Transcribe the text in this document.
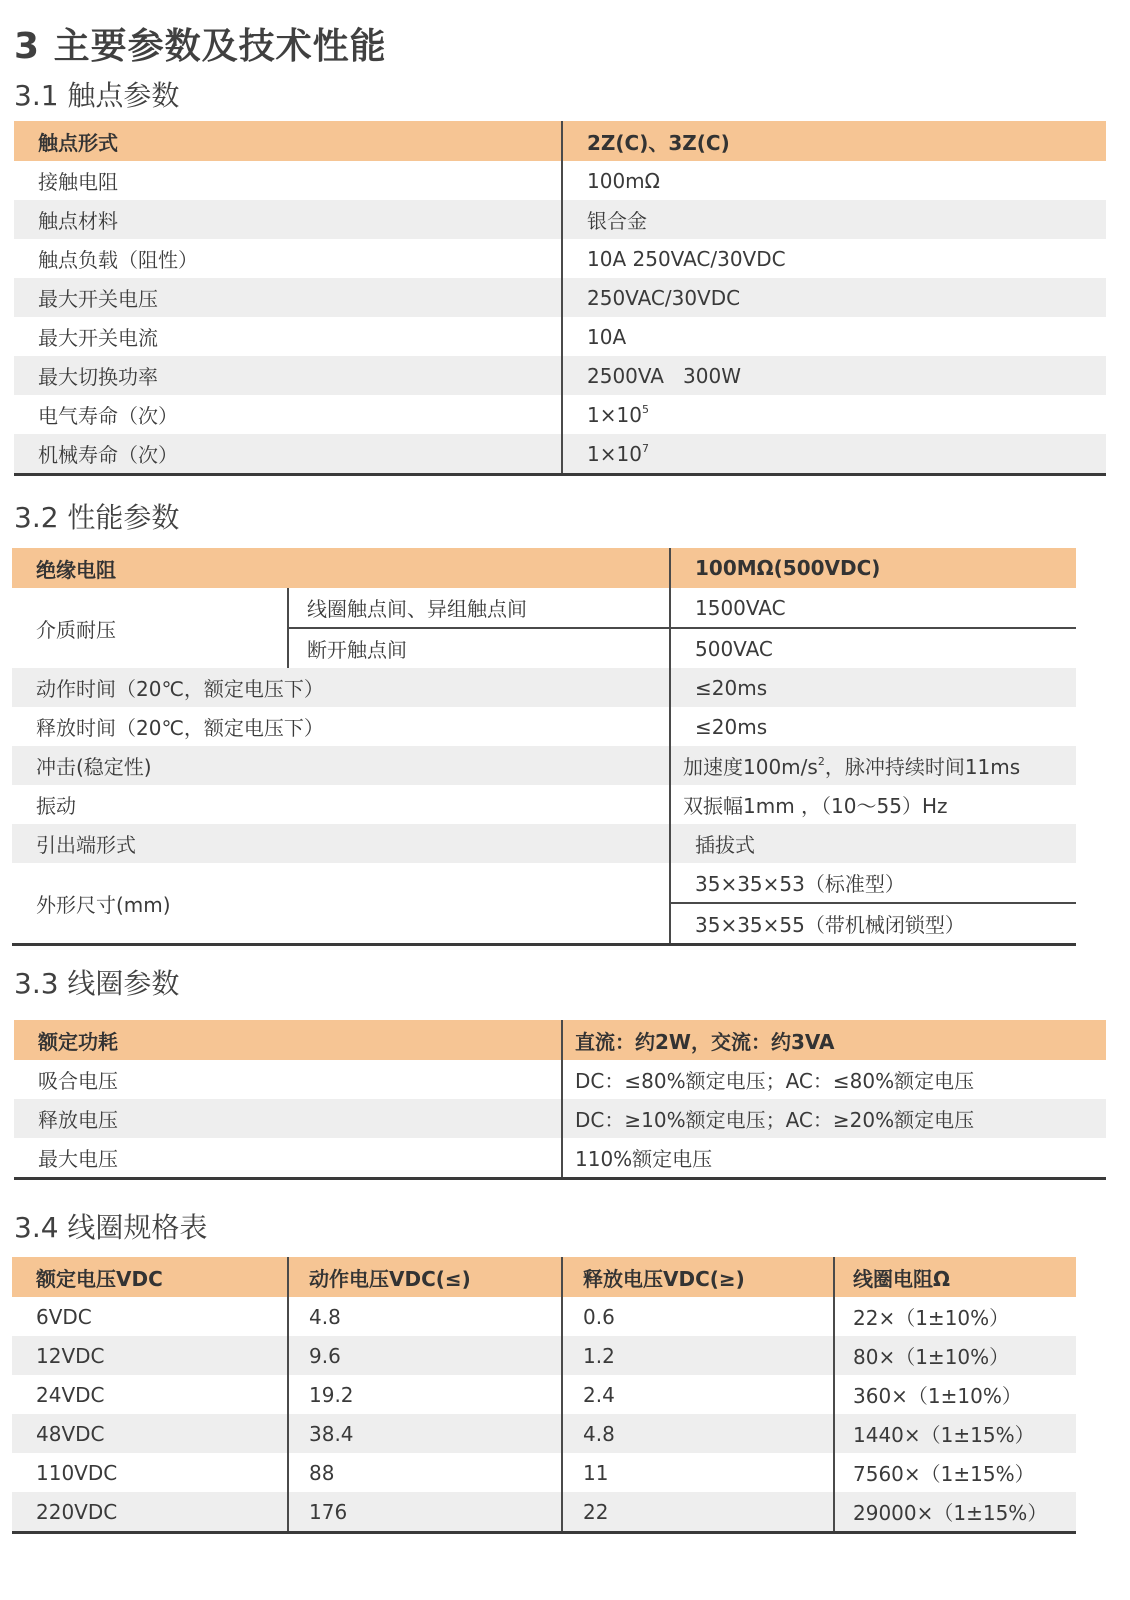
3 主要参数及技术性能
3.1 触点参数
触点形式	2Z(C)、3Z(C)
接触电阻	100mΩ
触点材料	银合金
触点负载（阻性）	10A 250VAC/30VDC
最大开关电压	250VAC/30VDC
最大开关电流	10A
最大切换功率	2500VA   300W
电气寿命（次）	$1\times 10^5$
机械寿命（次）	$1\times 10^7$
3.2 性能参数
绝缘电阻		100MΩ(500VDC)
介质耐压	线圈触点间、异组触点间	1500VAC
	断开触点间	500VAC
动作时间（20℃，额定电压下）		≤20ms
释放时间（20℃，额定电压下）		≤20ms
冲击(稳定性)		加速度$100m/s^2$，脉冲持续时间11ms
振动		双振幅1mm ，（10～55）Hz
引出端形式		插拔式
外形尺寸(mm)		35×35×53（标准型）
		35×35×55（带机械闭锁型）
3.3 线圈参数
额定功耗	直流：约2W，交流：约3VA
吸合电压	DC：≤80%额定电压；AC：≤80%额定电压
释放电压	DC：≥10%额定电压；AC：≥20%额定电压
最大电压	110%额定电压
3.4 线圈规格表
额定电压VDC	动作电压VDC(≤)	释放电压VDC(≥)	线圈电阻Ω
6VDC	4.8	0.6	22×（1±10%）
12VDC	9.6	1.2	80×（1±10%）
24VDC	19.2	2.4	360×（1±10%）
48VDC	38.4	4.8	1440×（1±15%）
110VDC	88	11	7560×（1±15%）
220VDC	176	22	29000×（1±15%）
